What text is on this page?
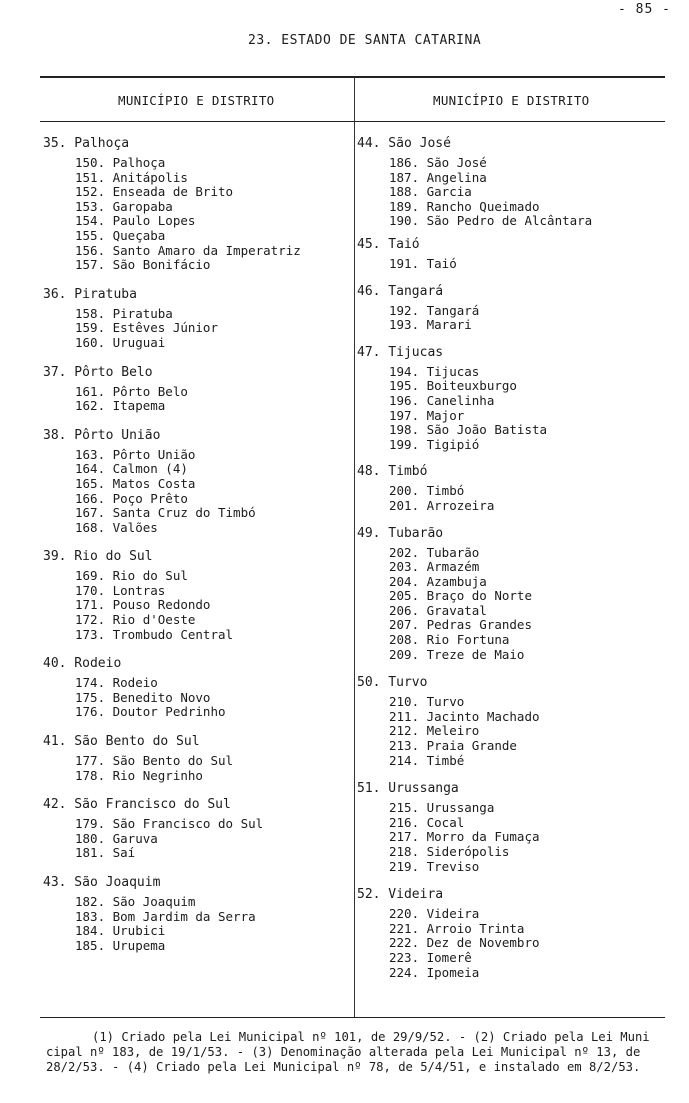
- 85 -
23. ESTADO DE SANTA CATARINA
MUNICÍPIO E DISTRITO	MUNICÍPIO E DISTRITO
35. Palhoça
150. Palhoça
151. Anitápolis
152. Enseada de Brito
153. Garopaba
154. Paulo Lopes
155. Queçaba
156. Santo Amaro da Imperatriz
157. São Bonifácio
36. Piratuba
158. Piratuba
159. Estêves Júnior
160. Uruguai
37. Pôrto Belo
161. Pôrto Belo
162. Itapema
38. Pôrto União
163. Pôrto União
164. Calmon (4)
165. Matos Costa
166. Poço Prêto
167. Santa Cruz do Timbó
168. Valões
39. Rio do Sul
169. Rio do Sul
170. Lontras
171. Pouso Redondo
172. Rio d'Oeste
173. Trombudo Central
40. Rodeio
174. Rodeio
175. Benedito Novo
176. Doutor Pedrinho
41. São Bento do Sul
177. São Bento do Sul
178. Rio Negrinho
42. São Francisco do Sul
179. São Francisco do Sul
180. Garuva
181. Saí
43. São Joaquim
182. São Joaquim
183. Bom Jardim da Serra
184. Urubici
185. Urupema
44. São José
186. São José
187. Angelina
188. Garcia
189. Rancho Queimado
190. São Pedro de Alcântara
45. Taió
191. Taió
46. Tangará
192. Tangará
193. Marari
47. Tijucas
194. Tijucas
195. Boiteuxburgo
196. Canelinha
197. Major
198. São João Batista
199. Tigipió
48. Timbó
200. Timbó
201. Arrozeira
49. Tubarão
202. Tubarão
203. Armazém
204. Azambuja
205. Braço do Norte
206. Gravatal
207. Pedras Grandes
208. Rio Fortuna
209. Treze de Maio
50. Turvo
210. Turvo
211. Jacinto Machado
212. Meleiro
213. Praia Grande
214. Timbé
51. Urussanga
215. Urussanga
216. Cocal
217. Morro da Fumaça
218. Siderópolis
219. Treviso
52. Videira
220. Videira
221. Arroio Trinta
222. Dez de Novembro
223. Iomerê
224. Ipomeia
(1) Criado pela Lei Municipal nº 101, de 29/9/52. - (2) Criado pela Lei Muni
cipal nº 183, de 19/1/53. - (3) Denominação alterada pela Lei Municipal nº 13, de
28/2/53. - (4) Criado pela Lei Municipal nº 78, de 5/4/51, e instalado em 8/2/53.
